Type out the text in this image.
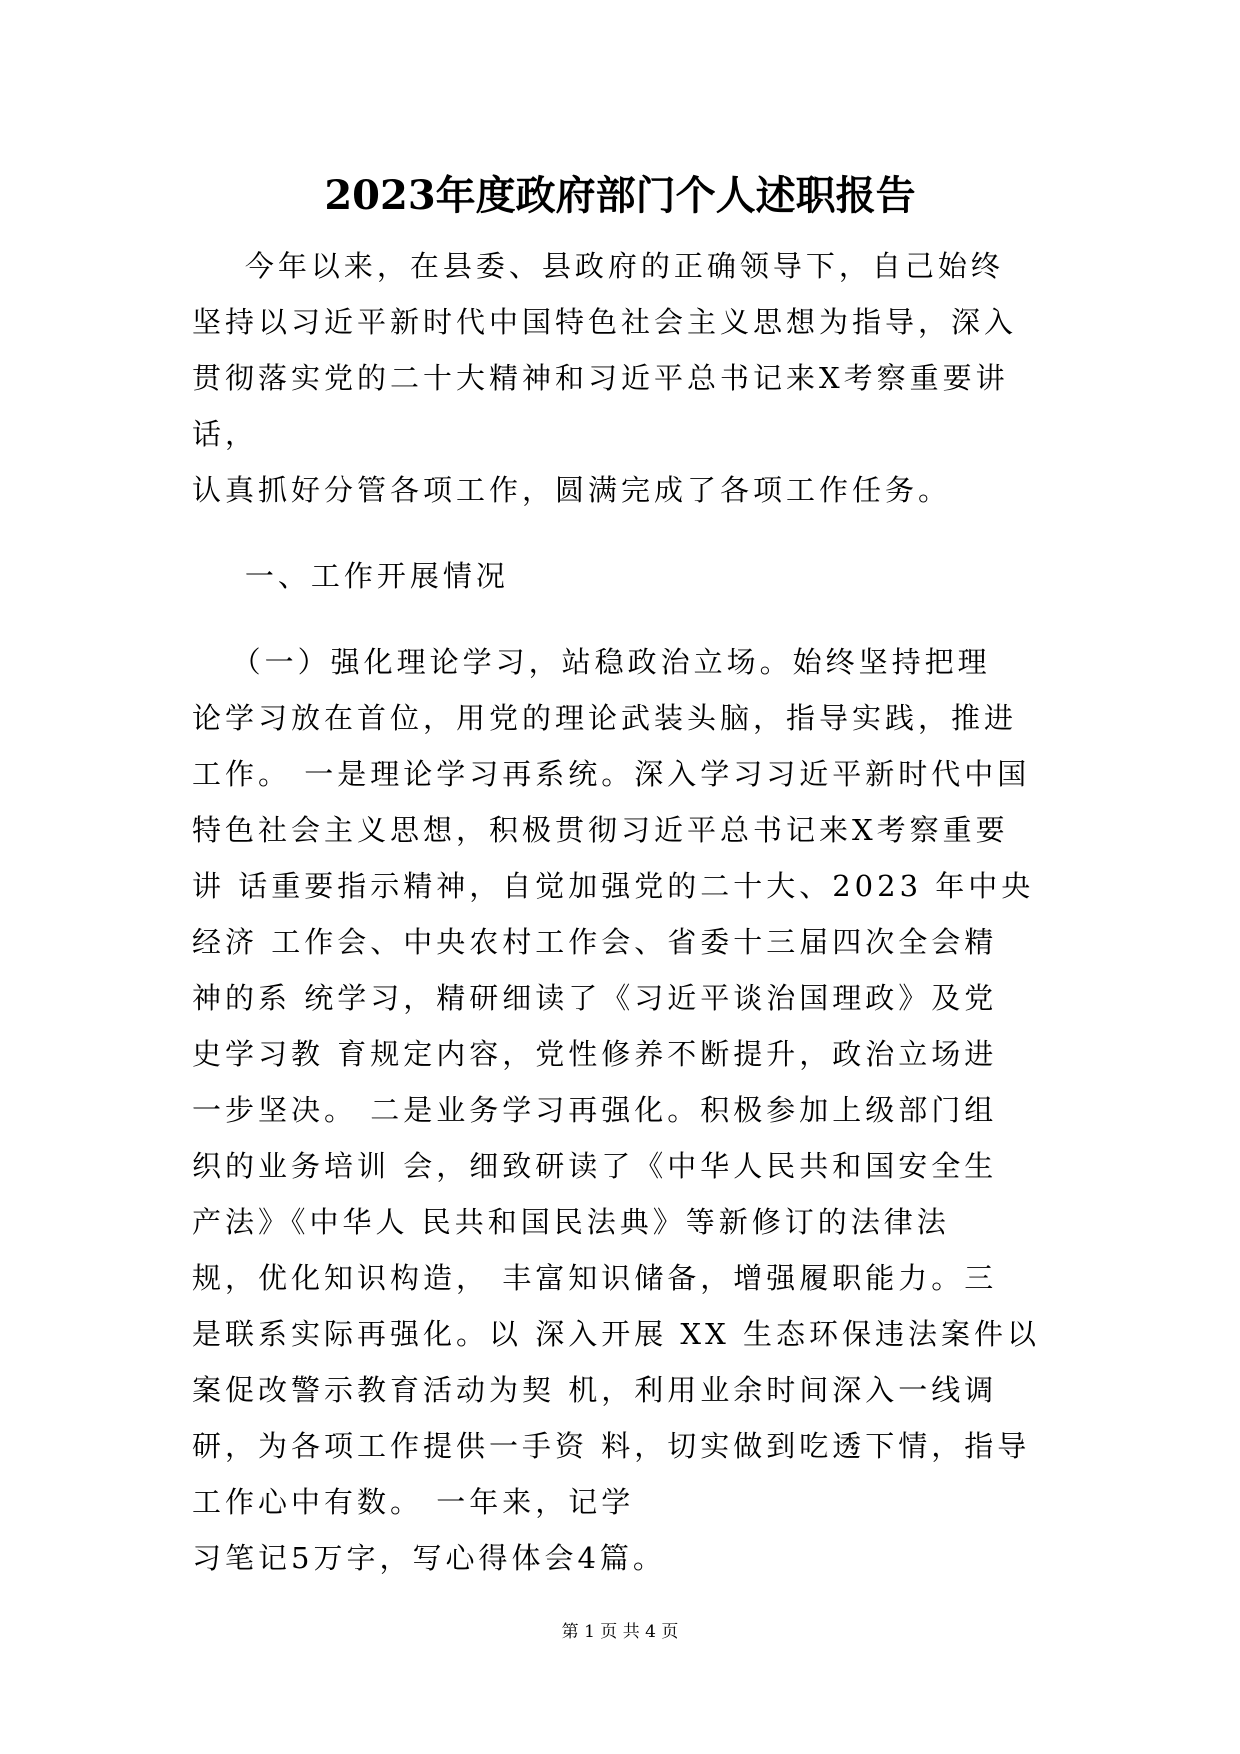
2023年度政府部门个人述职报告

今年以来，在县委、县政府的正确领导下，自己始终

坚持以习近平新时代中国特色社会主义思想为指导，深入

贯彻落实党的二十大精神和习近平总书记来X考察重要讲

话，

认真抓好分管各项工作，圆满完成了各项工作任务。

一、工作开展情况

（一）强化理论学习，站稳政治立场。始终坚持把理

论学习放在首位，用党的理论武装头脑，指导实践，推进

工作。 一是理论学习再系统。深入学习习近平新时代中国

特色社会主义思想，积极贯彻习近平总书记来X考察重要

讲 话重要指示精神，自觉加强党的二十大、2023 年中央

经济 工作会、中央农村工作会、省委十三届四次全会精

神的系 统学习，精研细读了《习近平谈治国理政》及党

史学习教 育规定内容，党性修养不断提升，政治立场进

一步坚决。 二是业务学习再强化。积极参加上级部门组

织的业务培训 会，细致研读了《中华人民共和国安全生

产法》《中华人 民共和国民法典》等新修订的法律法

规，优化知识构造， 丰富知识储备，增强履职能力。三

是联系实际再强化。以 深入开展 XX 生态环保违法案件以

案促改警示教育活动为契 机，利用业余时间深入一线调

研，为各项工作提供一手资 料，切实做到吃透下情，指导

工作心中有数。 一年来，记学

习笔记5万字，写心得体会4篇。

第 1 页 共 4 页
